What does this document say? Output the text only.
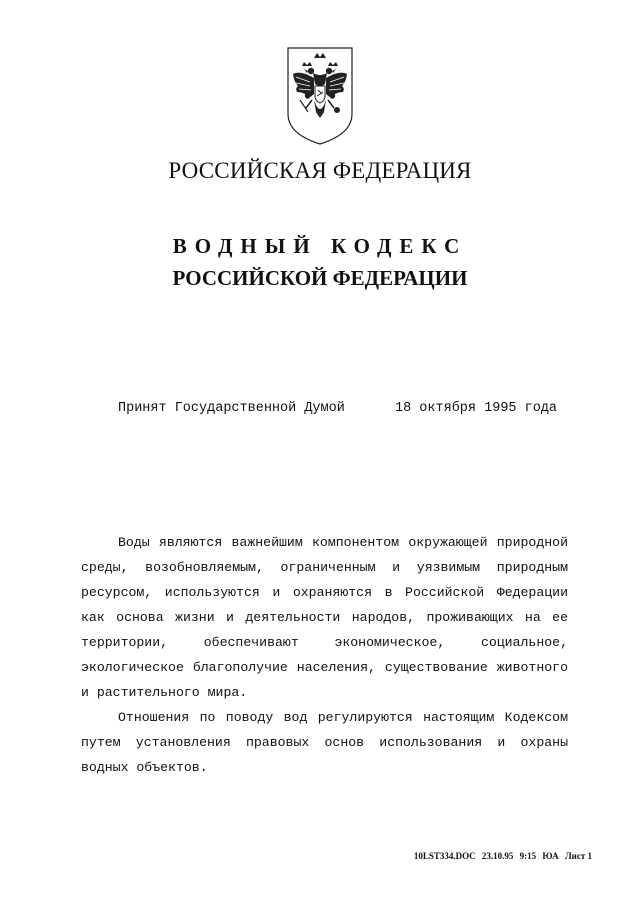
РОССИЙСКАЯ ФЕДЕРАЦИЯ
ВОДНЫЙ КОДЕКС
РОССИЙСКОЙ ФЕДЕРАЦИИ
Принят Государственной Думой	18 октября 1995 года

Воды являются важнейшим компонентом окружающей природной среды, возобновляемым, ограниченным и уязвимым природным ресурсом, используются и охраняются в Российской Федерации как основа жизни и деятельности народов, проживающих на ее территории, обеспечивают экономическое, социальное, экологическое благополучие населения, существование животного и растительного мира.

Отношения по поводу вод регулируются настоящим Кодексом путем установления правовых основ использования и охраны водных объектов.

10LST334.DOC 23.10.95 9:15 ЮА Лист 1
